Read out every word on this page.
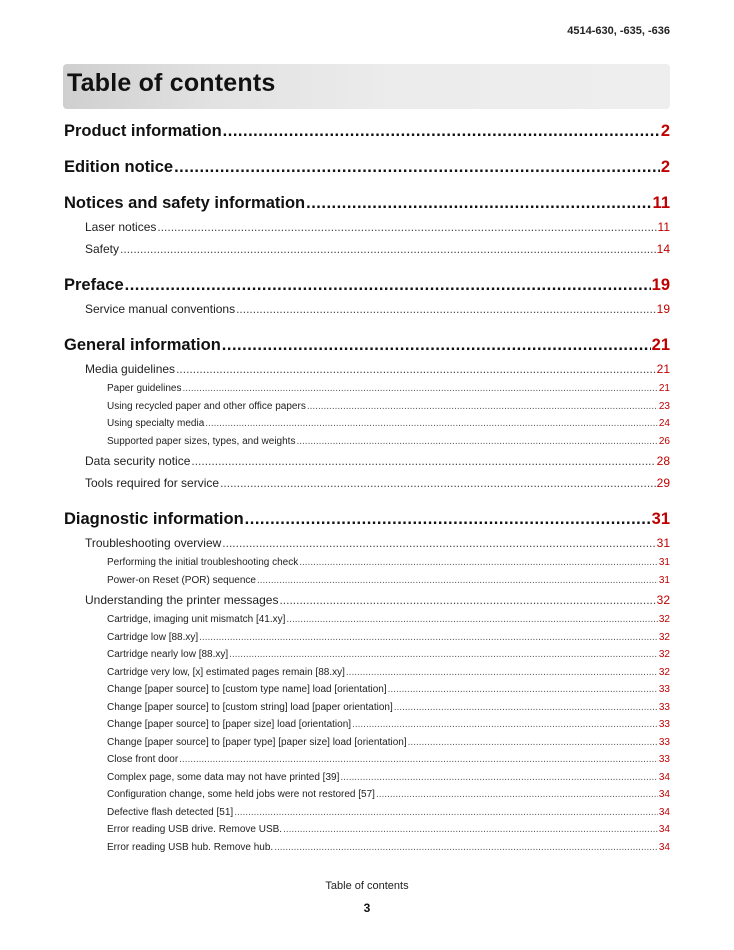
4514-630, -635, -636
Table of contents
Product information .....	2
Edition notice .....	2
Notices and safety information .....	11
Laser notices .....	11
Safety .....	14
Preface .....	19
Service manual conventions .....	19
General information .....	21
Media guidelines .....	21
Paper guidelines .....	21
Using recycled paper and other office papers .....	23
Using specialty media .....	24
Supported paper sizes, types, and weights .....	26
Data security notice .....	28
Tools required for service .....	29
Diagnostic information .....	31
Troubleshooting overview .....	31
Performing the initial troubleshooting check .....	31
Power-on Reset (POR) sequence .....	31
Understanding the printer messages .....	32
Cartridge, imaging unit mismatch [41.xy] .....	32
Cartridge low [88.xy] .....	32
Cartridge nearly low [88.xy] .....	32
Cartridge very low, [x] estimated pages remain [88.xy] .....	32
Change [paper source] to [custom type name] load [orientation] .....	33
Change [paper source] to [custom string] load [paper orientation] .....	33
Change [paper source] to [paper size] load [orientation] .....	33
Change [paper source] to [paper type] [paper size] load [orientation] .....	33
Close front door .....	33
Complex page, some data may not have printed [39] .....	34
Configuration change, some held jobs were not restored [57] .....	34
Defective flash detected [51] .....	34
Error reading USB drive. Remove USB. .....	34
Error reading USB hub. Remove hub. .....	34
Table of contents
3
